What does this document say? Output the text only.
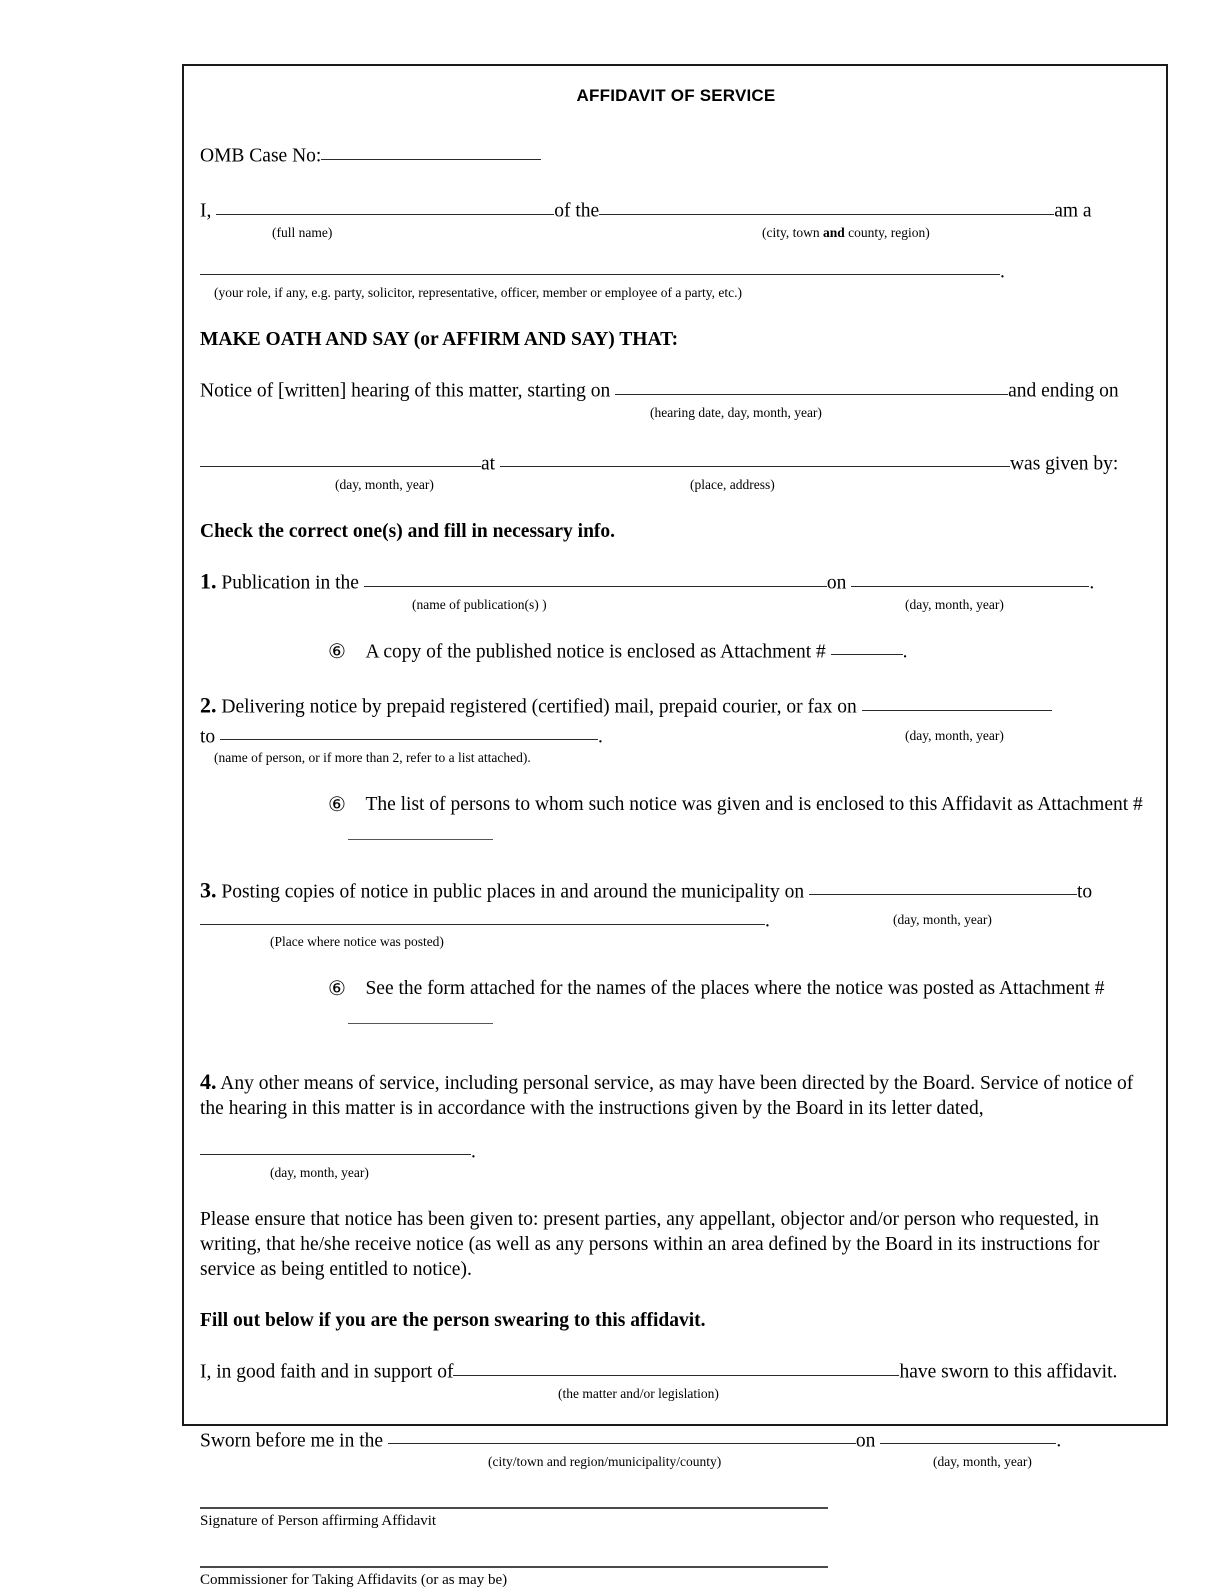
AFFIDAVIT OF SERVICE
OMB Case No:
I,	of the	am a
(full name)	(city, town and county, region)
.
(your role, if any, e.g. party, solicitor, representative, officer, member or employee of a party, etc.)
MAKE OATH AND SAY (or AFFIRM AND SAY) THAT:
Notice of [written] hearing of this matter, starting on	and ending on
(hearing date, day, month, year)
at	was given by:
(day, month, year)	(place, address)
Check the correct one(s) and fill in necessary info.
1. Publication in the	on	.
(name of publication(s) )	(day, month, year)
⑥ A copy of the published notice is enclosed as Attachment #	.
2. Delivering notice by prepaid registered (certified) mail, prepaid courier, or fax on
to	.
(name of person, or if more than 2, refer to a list attached).
(day, month, year)
⑥ The list of persons to whom such notice was given and is enclosed to this Affidavit as Attachment #
3. Posting copies of notice in public places in and around the municipality on	to
.
(Place where notice was posted)
(day, month, year)
⑥ See the form attached for the names of the places where the notice was posted as Attachment #
4. Any other means of service, including personal service, as may have been directed by the Board. Service of notice of the hearing in this matter is in accordance with the instructions given by the Board in its letter dated,
.
(day, month, year)
Please ensure that notice has been given to: present parties, any appellant, objector and/or person who requested, in writing, that he/she receive notice (as well as any persons within an area defined by the Board in its instructions for service as being entitled to notice).
Fill out below if you are the person swearing to this affidavit.
I, in good faith and in support of	have sworn to this affidavit.
(the matter and/or legislation)
Sworn before me in the	on	.
(city/town and region/municipality/county)	(day, month, year)
Signature of Person affirming Affidavit
Commissioner for Taking Affidavits (or as may be)
